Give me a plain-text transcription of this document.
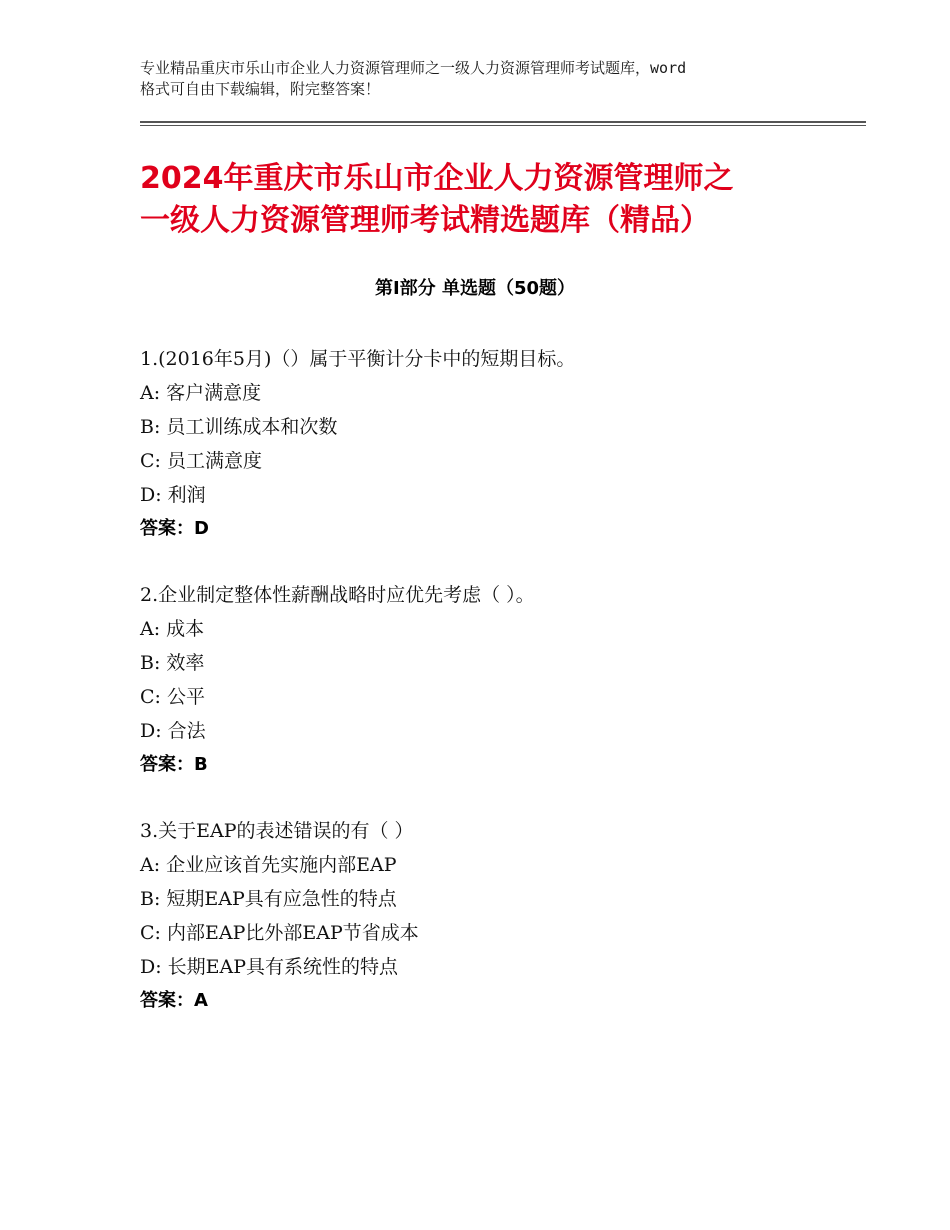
专业精品重庆市乐山市企业人力资源管理师之一级人力资源管理师考试题库，word
格式可自由下载编辑，附完整答案！
2024年重庆市乐山市企业人力资源管理师之
一级人力资源管理师考试精选题库（精品）
第Ⅰ部分 单选题（50题）
1.(2016年5月)（）属于平衡计分卡中的短期目标。
A: 客户满意度
B: 员工训练成本和次数
C: 员工满意度
D: 利润
答案：D
2.企业制定整体性薪酬战略时应优先考虑（ ）。
A: 成本
B: 效率
C: 公平
D: 合法
答案：B
3.关于EAP的表述错误的有（ ）
A: 企业应该首先实施内部EAP
B: 短期EAP具有应急性的特点
C: 内部EAP比外部EAP节省成本
D: 长期EAP具有系统性的特点
答案：A
